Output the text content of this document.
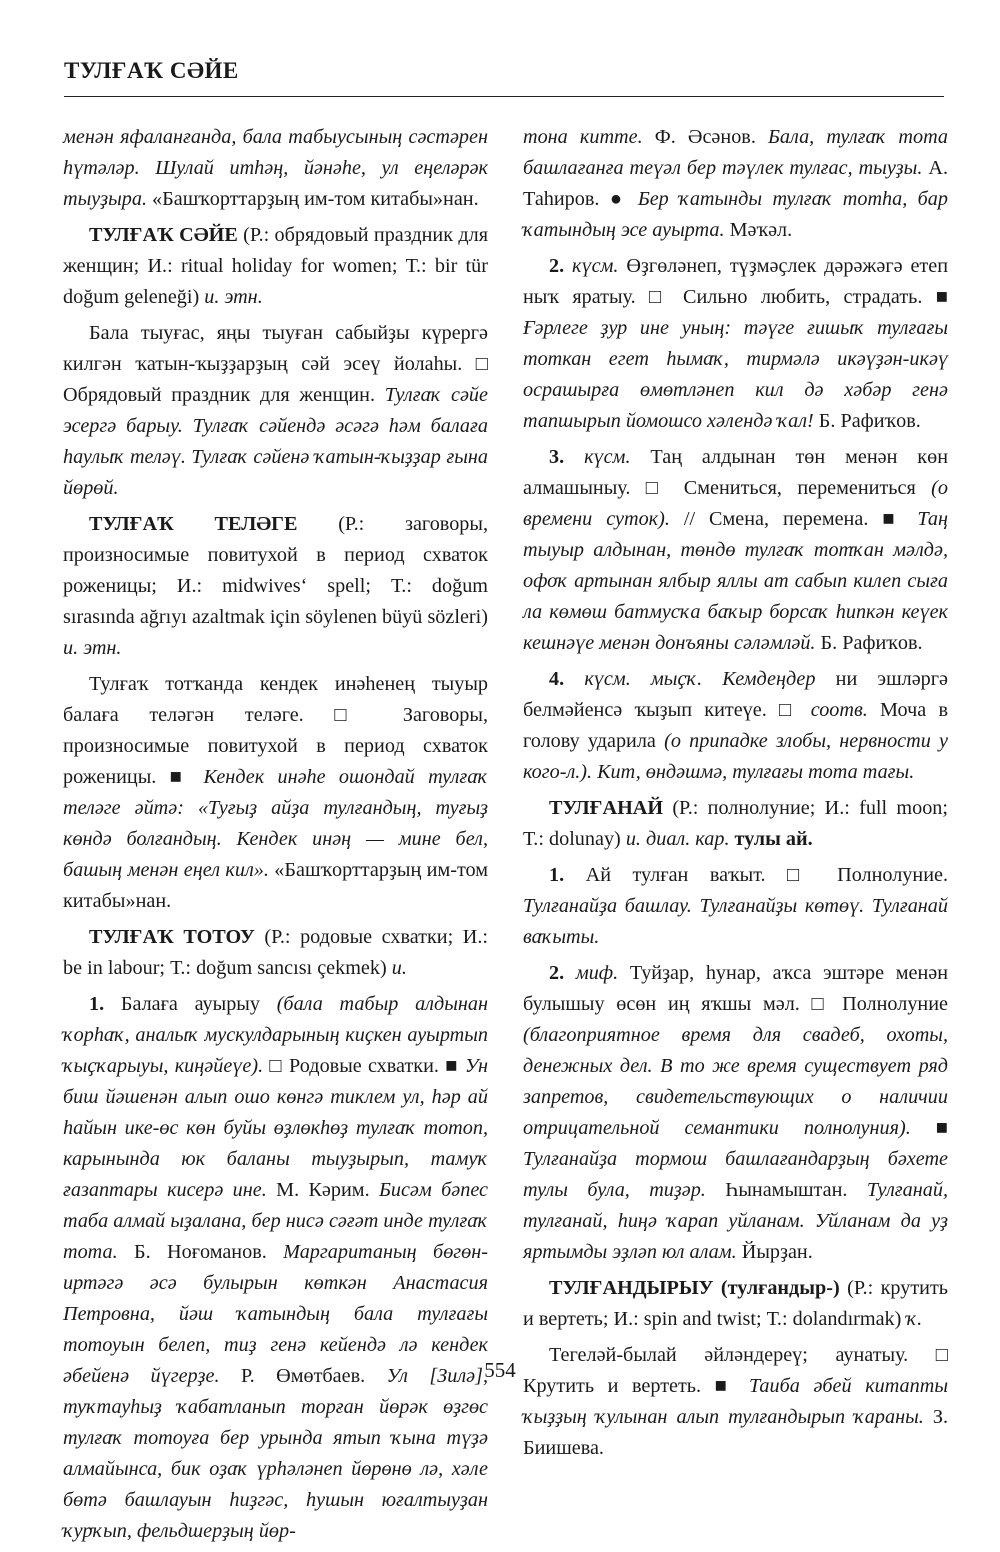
ТУЛҒАҠ СӘЙЕ

менән яфаланғанда, бала табыусының сәстәрен һүтәләр. Шулай итһәң, йәнәһе, ул еңеләрәк тыуҙыра. «Башҡорттарҙың им-том китабы»нан.

ТУЛҒАҠ СӘЙЕ (Р.: обрядовый праздник для женщин; И.: ritual holiday for women; Т.: bir tür doğum geleneği) и. этн.

Бала тыуғас, яңы тыуған сабыйҙы күрергә килгән ҡатын-ҡыҙҙарҙың сәй эсеү йолаһы. □ Обрядовый праздник для женщин. Тулғаҡ сәйе эсергә барыу. Тулғаҡ сәйендә әсәгә һәм балаға һаулыҡ теләү. Тулғаҡ сәйенә ҡатын-ҡыҙҙар ғына йөрөй.

ТУЛҒАҠ ТЕЛӘГЕ (Р.: заговоры, произносимые повитухой в период схваток роженицы; И.: midwives‘ spell; Т.: doğum sırasında ağrıyı azaltmak için söylenen büyü sözleri) и. этн.

Тулғаҡ тотҡанда кендек инәһенең тыуыр балаға теләгән теләге. □ Заговоры, произносимые повитухой в период схваток роженицы. ■ Кендек инәһе ошондай тулғаҡ теләге әйтә: «Туғыҙ айҙа тулғандың, туғыҙ көндә болғандың. Кендек инәң — мине бел, башың менән еңел кил». «Башҡорттарҙың им-том китабы»нан.

ТУЛҒАҠ ТОТОУ (Р.: родовые схватки; И.: be in labour; Т.: doğum sancısı çekmek) и.

1. Балаға ауырыу (бала табыр алдынан ҡорһаҡ, аналыҡ мускулдарының киҫкен ауыртып ҡыҫҡарыуы, киңәйеүе). □ Родовые схватки. ■ Ун биш йәшенән алып ошо көнгә тиклем ул, һәр ай һайын ике-өс көн буйы өҙлөкһөҙ тулғаҡ тотоп, карынында юк баланы тыуҙырып, тамуҡ ғазаптары кисерә ине. М. Кәрим. Бисәм бәпес таба алмай ыҙалана, бер нисә сәғәт инде тулғаҡ тота. Б. Ноғоманов. Маргаританың бөгөн-иртәгә әсә булырын көткән Анастасия Петровна, йәш ҡатындың бала тулғағы тотоуын белеп, тиҙ генә кейендә лә кендек әбейенә йүгерҙе. Р. Өмөтбаев. Ул [Зилә], туҡтауһыҙ ҡабатланып торған йөрәк өҙгөс тулғаҡ тотоуға бер урында ятып ҡына түҙә алмайынса, бик оҙаҡ үрһәләнеп йөрөнө лә, хәле бөтә башлауын һиҙгәс, һушын юғалтыуҙан ҡурҡып, фельдшерҙың йөр-

тона китте. Ф. Әсәнов. Бала, тулғаҡ тота башлағанға теүәл бер тәүлек тулғас, тыуҙы. А. Таһиров. ● Бер ҡатынды тулғаҡ тотһа, бар ҡатындың эсе ауырта. Мәҡәл.

2. күсм. Өҙгөләнеп, түҙмәҫлек дәрәжәгә етеп ныҡ яратыу. □ Сильно любить, страдать. ■ Ғәрлеге ҙур ине уның: тәүге ғишыҡ тулғағы тоткан егет һымаҡ, тирмәлә икәүҙән-икәү осрашырға өмөтләнеп кил дә хәбәр генә тапшырып йомошсо хәлендә ҡал! Б. Рафиҡов.

3. күсм. Таң алдынан төн менән көн алмашыныу. □ Смениться, перемениться (о времени суток). // Смена, перемена. ■ Таң тыуыр алдынан, төндө тулғаҡ тотҡан мәлдә, офоҡ артынан ялбыр яллы ат сабып килеп сыға ла көмөш батмусҡа баҡыр борсаҡ һипкән кеүек кешнәүе менән донъяны сәләмләй. Б. Рафиҡов.

4. күсм. мыҫҡ. Кемдеңдер ни эшләргә белмәйенсә ҡыҙып китеүе. □ соотв. Моча в голову ударила (о припадке злобы, нервности у кого-л.). Кит, өндәшмә, тулғағы тота тағы.

ТУЛҒАНАЙ (Р.: полнолуние; И.: full moon; Т.: dolunay) и. диал. кар. тулы ай.

1. Ай тулған ваҡыт. □ Полнолуние. Тулғанайҙа башлау. Тулғанайҙы көтөү. Тулғанай ваҡыты.

2. миф. Туйҙар, һунар, аҡса эштәре менән булышыу өсөн иң яҡшы мәл. □ Полнолуние (благоприятное время для свадеб, охоты, денежных дел. В то же время существует ряд запретов, свидетельствующих о наличии отрицательной семантики полнолуния). ■ Тулғанайҙа тормош башлағандарҙың бәхете тулы була, тиҙәр. Һынамыштан. Тулғанай, тулғанай, һиңә ҡарап уйланам. Уйланам да уҙ яртымды эҙләп юл алам. Йырҙан.

ТУЛҒАНДЫРЫУ (тулғандыр-) (Р.: крутить и вертеть; И.: spin and twist; Т.: dolandırmak) ҡ.

Тегеләй-былай әйләндереү; аунатыу. □ Крутить и вертеть. ■ Таиба әбей китапты ҡыҙҙың ҡулынан алып тулғандырып ҡараны. З. Биишева.

554
